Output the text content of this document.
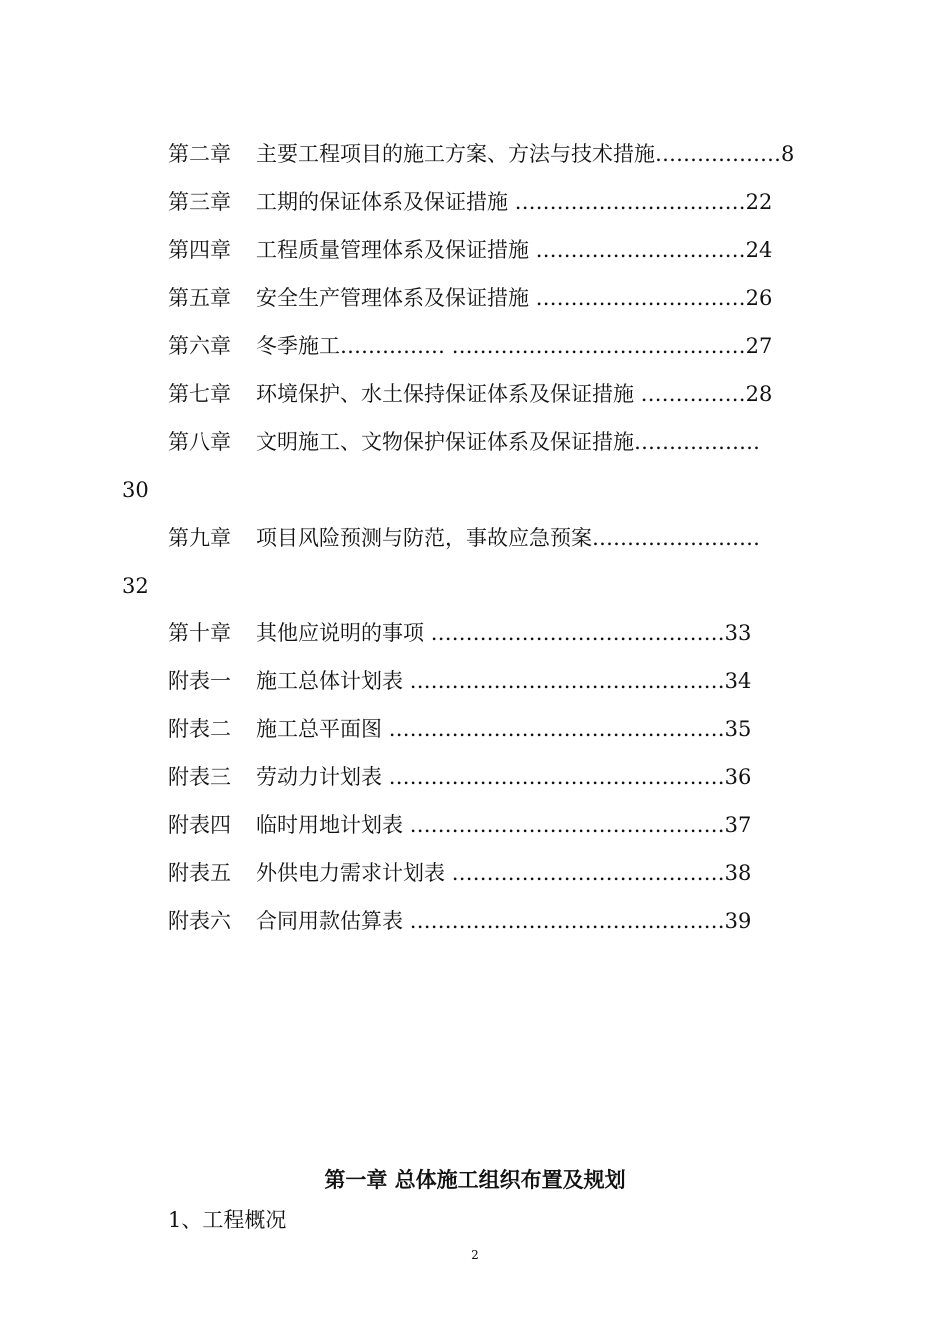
第二章 主要工程项目的施工方案、方法与技术措施………………8
第三章 工期的保证体系及保证措施 ……………………………22
第四章 工程质量管理体系及保证措施 …………………………24
第五章 安全生产管理体系及保证措施 …………………………26
第六章 冬季施工…………… ……………………………………27
第七章 环境保护、水土保持保证体系及保证措施 ……………28
第八章 文明施工、文物保护保证体系及保证措施………………
30
第九章 项目风险预测与防范，事故应急预案……………………
32
第十章 其他应说明的事项 ……………………………………33
附表一 施工总体计划表 ………………………………………34
附表二 施工总平面图 …………………………………………35
附表三 劳动力计划表 …………………………………………36
附表四 临时用地计划表 ………………………………………37
附表五 外供电力需求计划表 …………………………………38
附表六 合同用款估算表 ………………………………………39
第一章 总体施工组织布置及规划
1、工程概况
2
